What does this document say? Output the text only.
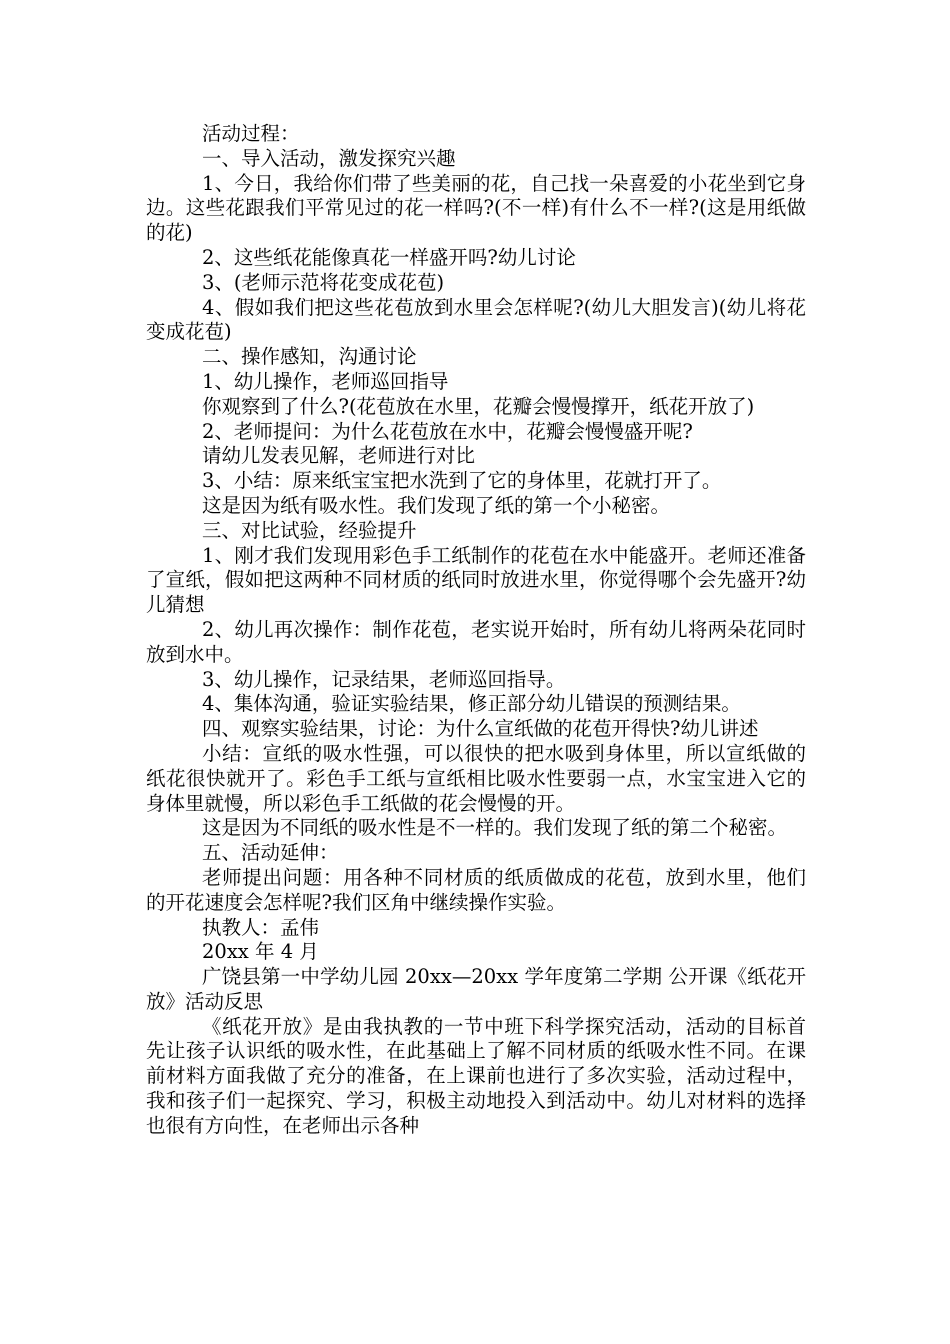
活动过程：

一、导入活动，激发探究兴趣

1、今日，我给你们带了些美丽的花，自己找一朵喜爱的小花坐到它身边。这些花跟我们平常见过的花一样吗?(不一样)有什么不一样?(这是用纸做的花)

2、这些纸花能像真花一样盛开吗?幼儿讨论

3、(老师示范将花变成花苞)

4、假如我们把这些花苞放到水里会怎样呢?(幼儿大胆发言)(幼儿将花变成花苞)

二、操作感知，沟通讨论

1、幼儿操作，老师巡回指导

你观察到了什么?(花苞放在水里，花瓣会慢慢撑开，纸花开放了)

2、老师提问：为什么花苞放在水中，花瓣会慢慢盛开呢?

请幼儿发表见解，老师进行对比

3、小结：原来纸宝宝把水洗到了它的身体里，花就打开了。

这是因为纸有吸水性。我们发现了纸的第一个小秘密。

三、对比试验，经验提升

1、刚才我们发现用彩色手工纸制作的花苞在水中能盛开。老师还准备了宣纸，假如把这两种不同材质的纸同时放进水里，你觉得哪个会先盛开?幼儿猜想

2、幼儿再次操作：制作花苞，老实说开始时，所有幼儿将两朵花同时放到水中。

3、幼儿操作，记录结果，老师巡回指导。

4、集体沟通，验证实验结果，修正部分幼儿错误的预测结果。

四、观察实验结果，讨论：为什么宣纸做的花苞开得快?幼儿讲述

小结：宣纸的吸水性强，可以很快的把水吸到身体里，所以宣纸做的纸花很快就开了。彩色手工纸与宣纸相比吸水性要弱一点，水宝宝进入它的身体里就慢，所以彩色手工纸做的花会慢慢的开。

这是因为不同纸的吸水性是不一样的。我们发现了纸的第二个秘密。

五、活动延伸：

老师提出问题：用各种不同材质的纸质做成的花苞，放到水里，他们的开花速度会怎样呢?我们区角中继续操作实验。

执教人：孟伟

20xx 年 4 月

广饶县第一中学幼儿园 20xx—20xx 学年度第二学期 公开课《纸花开放》活动反思

《纸花开放》是由我执教的一节中班下科学探究活动，活动的目标首先让孩子认识纸的吸水性，在此基础上了解不同材质的纸吸水性不同。在课前材料方面我做了充分的准备，在上课前也进行了多次实验，活动过程中，我和孩子们一起探究、学习，积极主动地投入到活动中。幼儿对材料的选择也很有方向性，在老师出示各种
